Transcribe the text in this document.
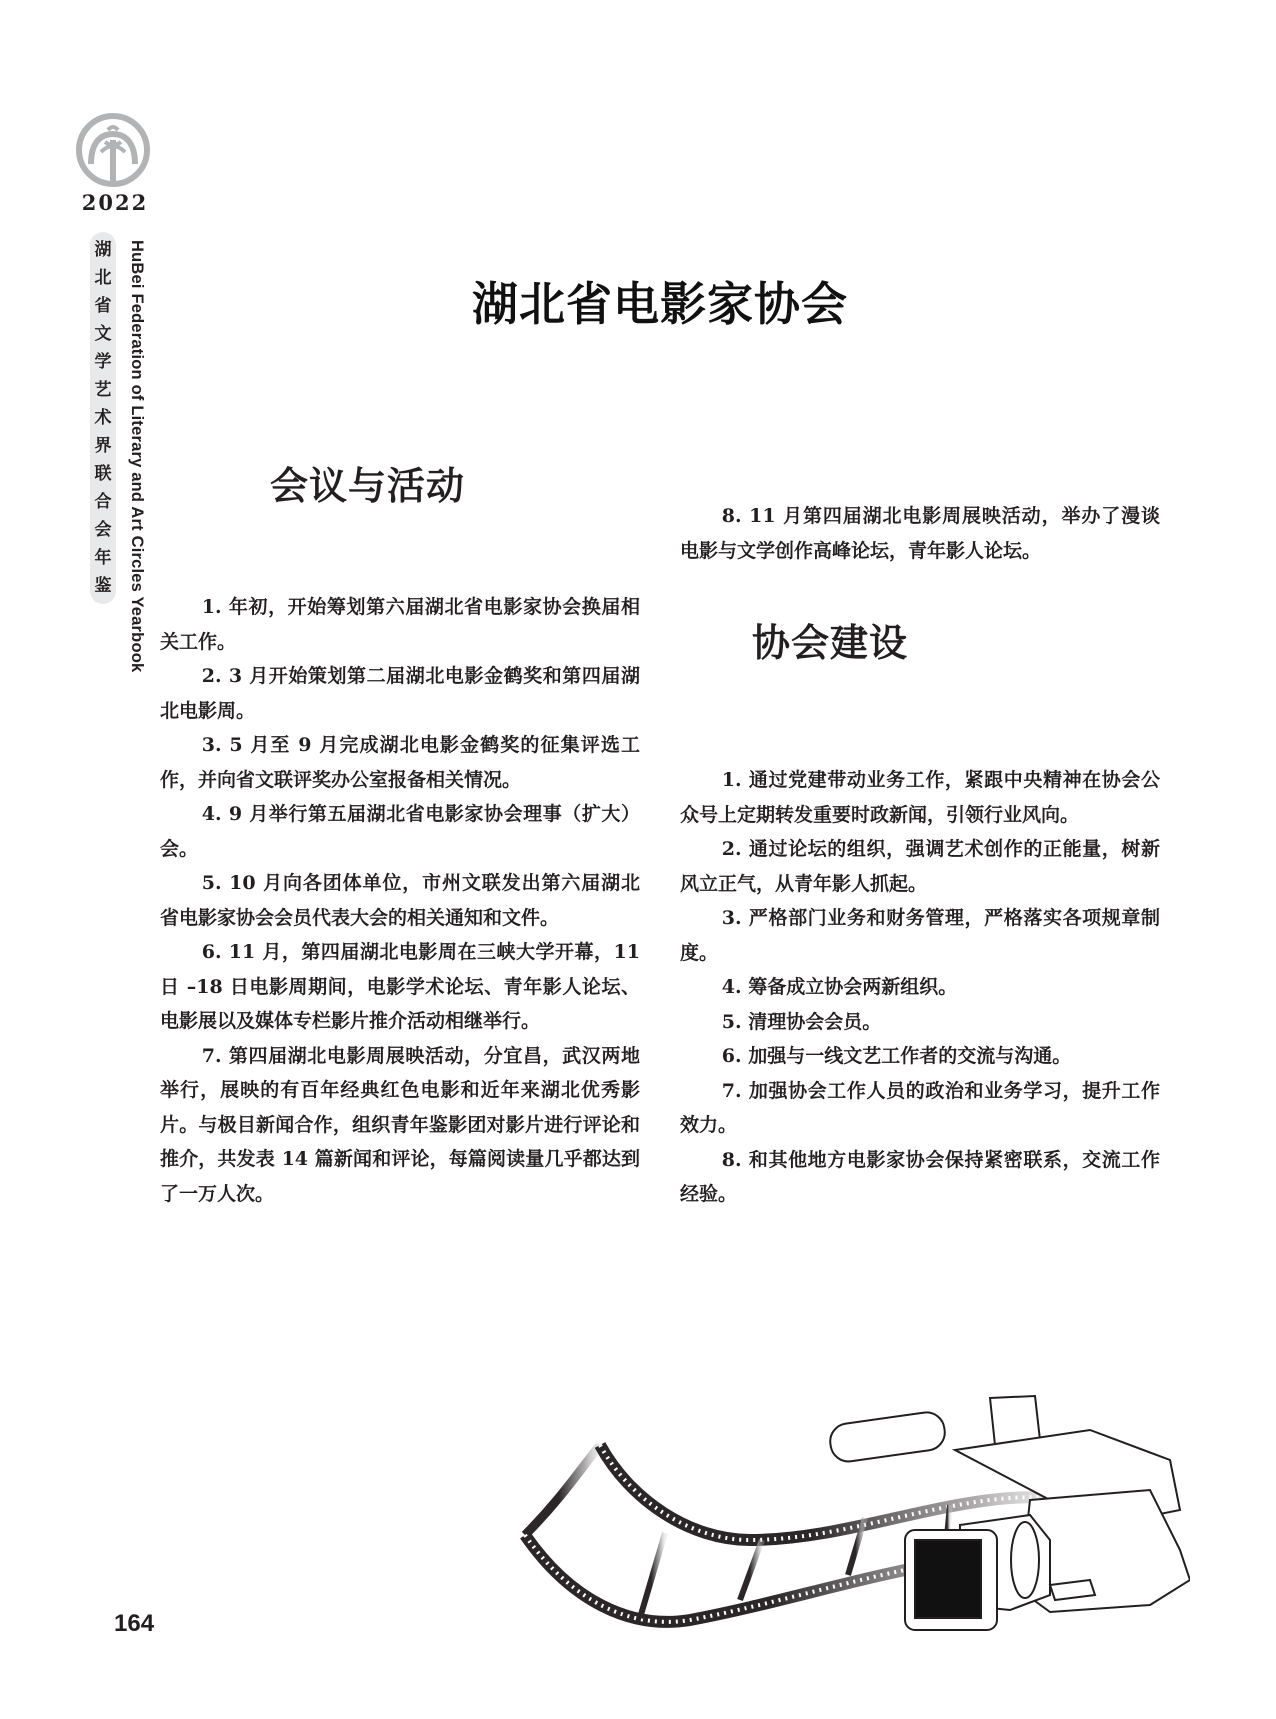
2022
湖
北
省
文
学
艺
术
界
联
合
会
年
鉴 HuBei Federation of Literary and Art Circles Yearbook	湖北省电影家协会
会议与活动

1. 年初，开始筹划第六届湖北省电影家协会换届相关工作。

2. 3 月开始策划第二届湖北电影金鹤奖和第四届湖北电影周。

3. 5 月至 9 月完成湖北电影金鹤奖的征集评选工作，并向省文联评奖办公室报备相关情况。

4. 9 月举行第五届湖北省电影家协会理事（扩大）会。

5. 10 月向各团体单位，市州文联发出第六届湖北省电影家协会会员代表大会的相关通知和文件。

6. 11 月，第四届湖北电影周在三峡大学开幕，11 日 –18 日电影周期间，电影学术论坛、青年影人论坛、电影展以及媒体专栏影片推介活动相继举行。

7. 第四届湖北电影周展映活动，分宜昌，武汉两地举行，展映的有百年经典红色电影和近年来湖北优秀影片。与极目新闻合作，组织青年鉴影团对影片进行评论和推介，共发表 14 篇新闻和评论，每篇阅读量几乎都达到了一万人次。

8. 11 月第四届湖北电影周展映活动，举办了漫谈电影与文学创作高峰论坛，青年影人论坛。

协会建设

1. 通过党建带动业务工作，紧跟中央精神在协会公众号上定期转发重要时政新闻，引领行业风向。

2. 通过论坛的组织，强调艺术创作的正能量，树新风立正气，从青年影人抓起。

3. 严格部门业务和财务管理，严格落实各项规章制度。

4. 筹备成立协会两新组织。

5. 清理协会会员。

6. 加强与一线文艺工作者的交流与沟通。

7. 加强协会工作人员的政治和业务学习，提升工作效力。

8. 和其他地方电影家协会保持紧密联系，交流工作经验。

164
